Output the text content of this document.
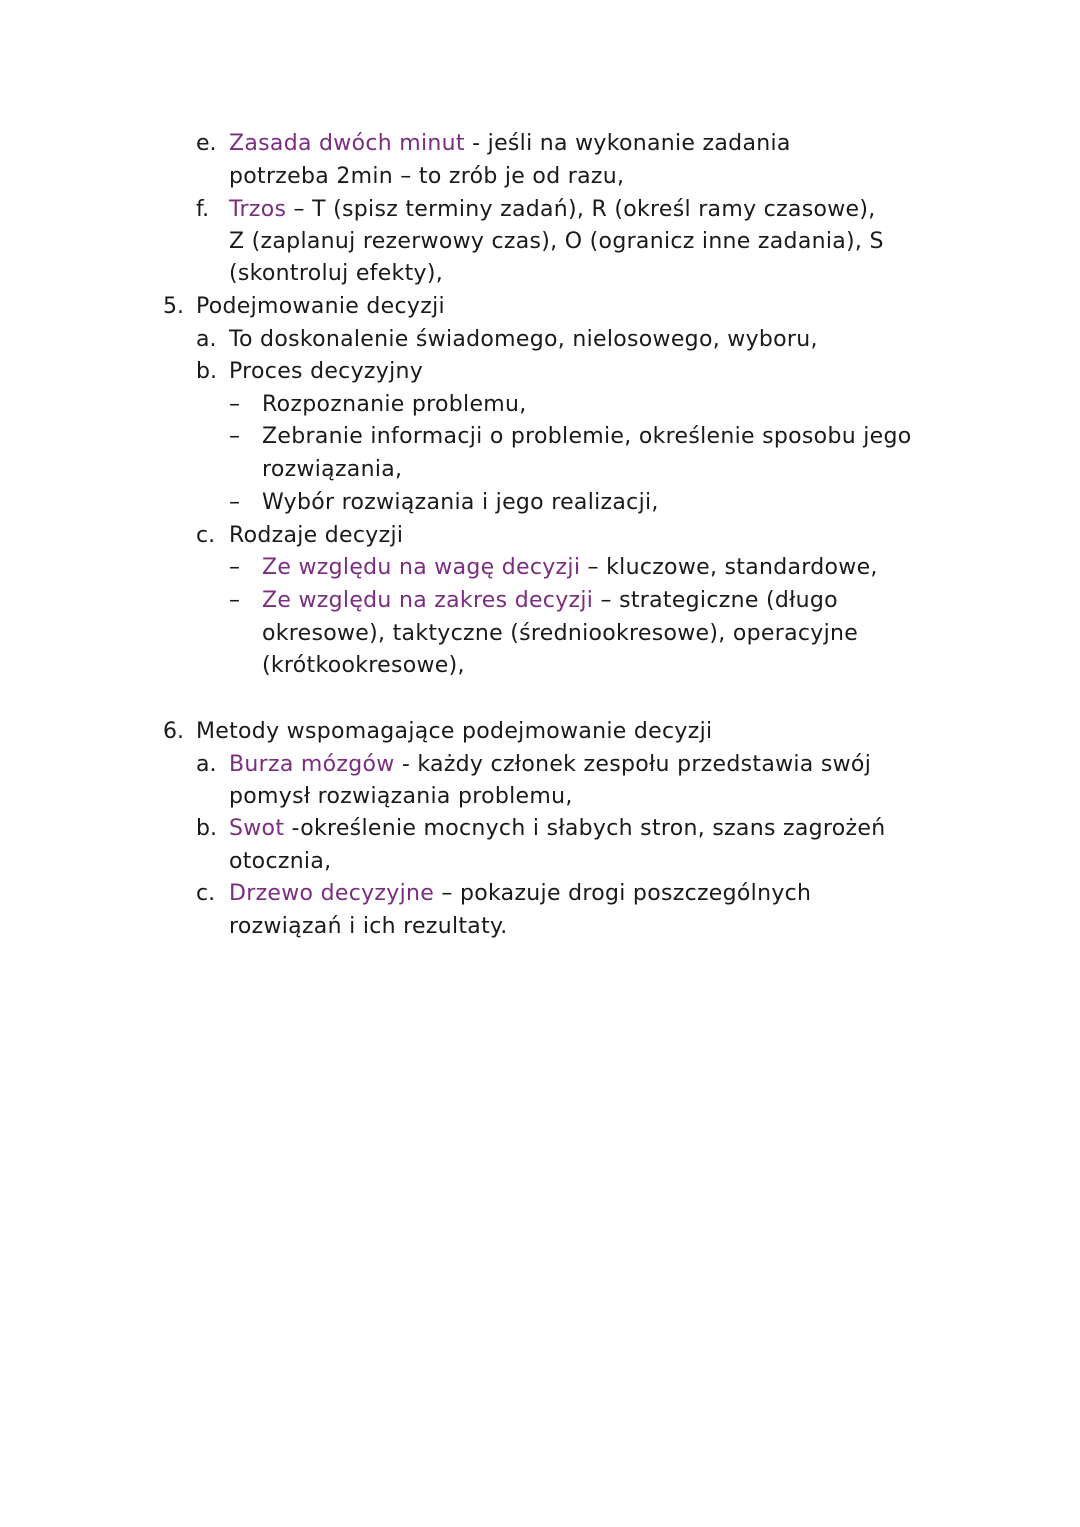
e. Zasada dwóch minut - jeśli na wykonanie zadania
potrzeba 2min – to zrób je od razu,
f. Trzos – T (spisz terminy zadań), R (określ ramy czasowe),
Z (zaplanuj rezerwowy czas), O (ogranicz inne zadania), S
(skontroluj efekty),
5. Podejmowanie decyzji
a. To doskonalenie świadomego, nielosowego, wyboru,
b. Proces decyzyjny
– Rozpoznanie problemu,
– Zebranie informacji o problemie, określenie sposobu jego
rozwiązania,
– Wybór rozwiązania i jego realizacji,
c. Rodzaje decyzji
– Ze względu na wagę decyzji – kluczowe, standardowe,
– Ze względu na zakres decyzji – strategiczne (długo
okresowe), taktyczne (średniookresowe), operacyjne
(krótkookresowe),
6. Metody wspomagające podejmowanie decyzji
a. Burza mózgów - każdy członek zespołu przedstawia swój
pomysł rozwiązania problemu,
b. Swot -określenie mocnych i słabych stron, szans zagrożeń
otocznia,
c. Drzewo decyzyjne – pokazuje drogi poszczególnych
rozwiązań i ich rezultaty.
